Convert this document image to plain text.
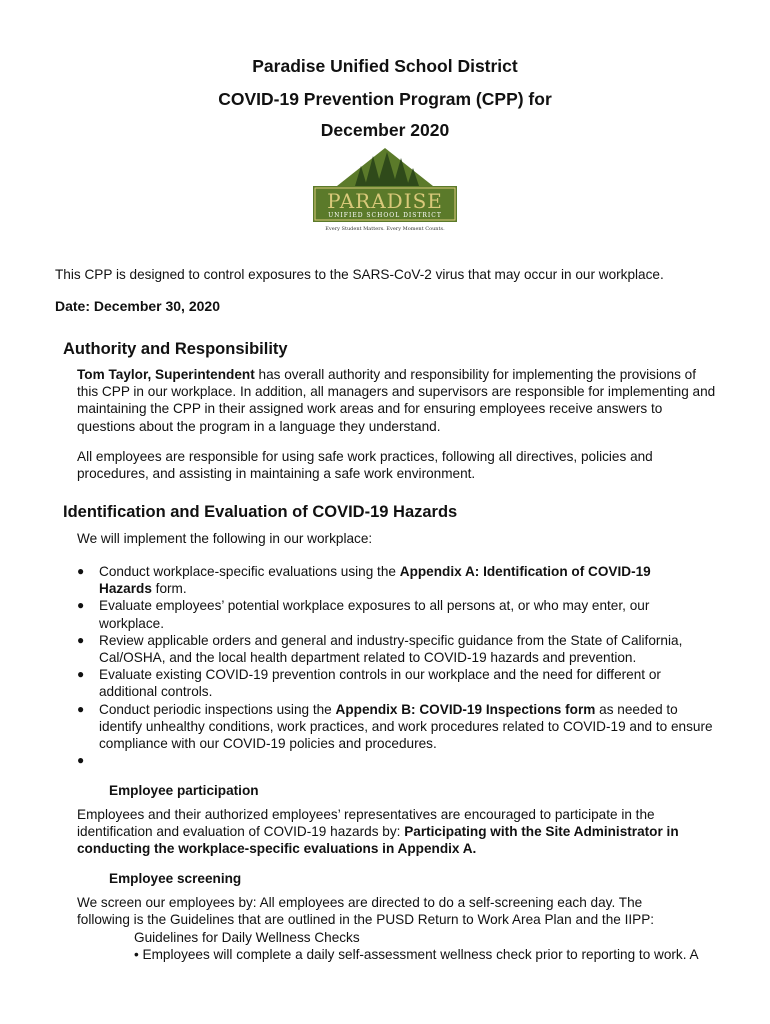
Paradise Unified School District
COVID-19 Prevention Program (CPP) for
December 2020
PARADISE
UNIFIED SCHOOL DISTRICT
Every Student Matters. Every Moment Counts.
This CPP is designed to control exposures to the SARS-CoV-2 virus that may occur in our workplace.
Date: December 30, 2020
Authority and Responsibility
Tom Taylor, Superintendent has overall authority and responsibility for implementing the provisions of this CPP in our workplace. In addition, all managers and supervisors are responsible for implementing and maintaining the CPP in their assigned work areas and for ensuring employees receive answers to questions about the program in a language they understand.
All employees are responsible for using safe work practices, following all directives, policies and procedures, and assisting in maintaining a safe work environment.
Identification and Evaluation of COVID-19 Hazards
We will implement the following in our workplace:
● Conduct workplace-specific evaluations using the Appendix A: Identification of COVID-19 Hazards form.
● Evaluate employees’ potential workplace exposures to all persons at, or who may enter, our workplace.
● Review applicable orders and general and industry-specific guidance from the State of California, Cal/OSHA, and the local health department related to COVID-19 hazards and prevention.
● Evaluate existing COVID-19 prevention controls in our workplace and the need for different or additional controls.
● Conduct periodic inspections using the Appendix B: COVID-19 Inspections form as needed to identify unhealthy conditions, work practices, and work procedures related to COVID-19 and to ensure compliance with our COVID-19 policies and procedures.
●

Employee participation
Employees and their authorized employees’ representatives are encouraged to participate in the identification and evaluation of COVID-19 hazards by: Participating with the Site Administrator in conducting the workplace-specific evaluations in Appendix A.
Employee screening
We screen our employees by: All employees are directed to do a self-screening each day. The following is the Guidelines that are outlined in the PUSD Return to Work Area Plan and the IIPP:
Guidelines for Daily Wellness Checks
• Employees will complete a daily self-assessment wellness check prior to reporting to work. A
